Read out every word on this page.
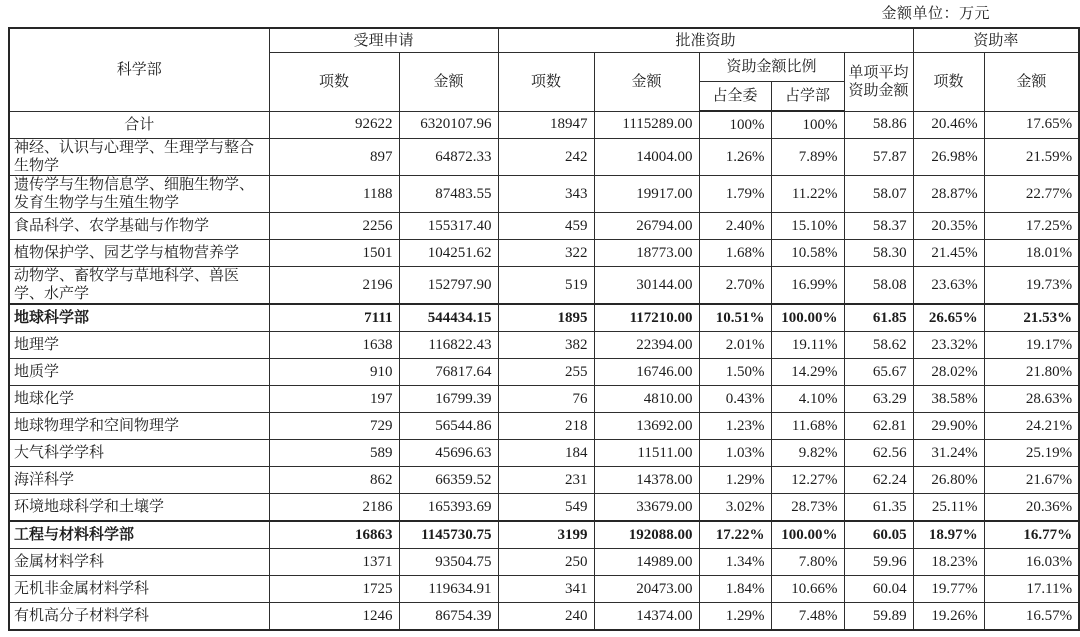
金额单位：万元
科学部	受理申请		批准资助					资助率	
	项数	金额	项数	金额	资助金额比例		单项平均资助金额	项数	金额
					占全委	占学部			
合计	92622	6320107.96	18947	1115289.00	100%	100%	58.86	20.46%	17.65%
神经、认识与心理学、生理学与整合生物学	897	64872.33	242	14004.00	1.26%	7.89%	57.87	26.98%	21.59%
遗传学与生物信息学、细胞生物学、发育生物学与生殖生物学	1188	87483.55	343	19917.00	1.79%	11.22%	58.07	28.87%	22.77%
食品科学、农学基础与作物学	2256	155317.40	459	26794.00	2.40%	15.10%	58.37	20.35%	17.25%
植物保护学、园艺学与植物营养学	1501	104251.62	322	18773.00	1.68%	10.58%	58.30	21.45%	18.01%
动物学、畜牧学与草地科学、兽医学、水产学	2196	152797.90	519	30144.00	2.70%	16.99%	58.08	23.63%	19.73%
地球科学部	7111	544434.15	1895	117210.00	10.51%	100.00%	61.85	26.65%	21.53%
地理学	1638	116822.43	382	22394.00	2.01%	19.11%	58.62	23.32%	19.17%
地质学	910	76817.64	255	16746.00	1.50%	14.29%	65.67	28.02%	21.80%
地球化学	197	16799.39	76	4810.00	0.43%	4.10%	63.29	38.58%	28.63%
地球物理学和空间物理学	729	56544.86	218	13692.00	1.23%	11.68%	62.81	29.90%	24.21%
大气科学学科	589	45696.63	184	11511.00	1.03%	9.82%	62.56	31.24%	25.19%
海洋科学	862	66359.52	231	14378.00	1.29%	12.27%	62.24	26.80%	21.67%
环境地球科学和土壤学	2186	165393.69	549	33679.00	3.02%	28.73%	61.35	25.11%	20.36%
工程与材料科学部	16863	1145730.75	3199	192088.00	17.22%	100.00%	60.05	18.97%	16.77%
金属材料学科	1371	93504.75	250	14989.00	1.34%	7.80%	59.96	18.23%	16.03%
无机非金属材料学科	1725	119634.91	341	20473.00	1.84%	10.66%	60.04	19.77%	17.11%
有机高分子材料学科	1246	86754.39	240	14374.00	1.29%	7.48%	59.89	19.26%	16.57%
